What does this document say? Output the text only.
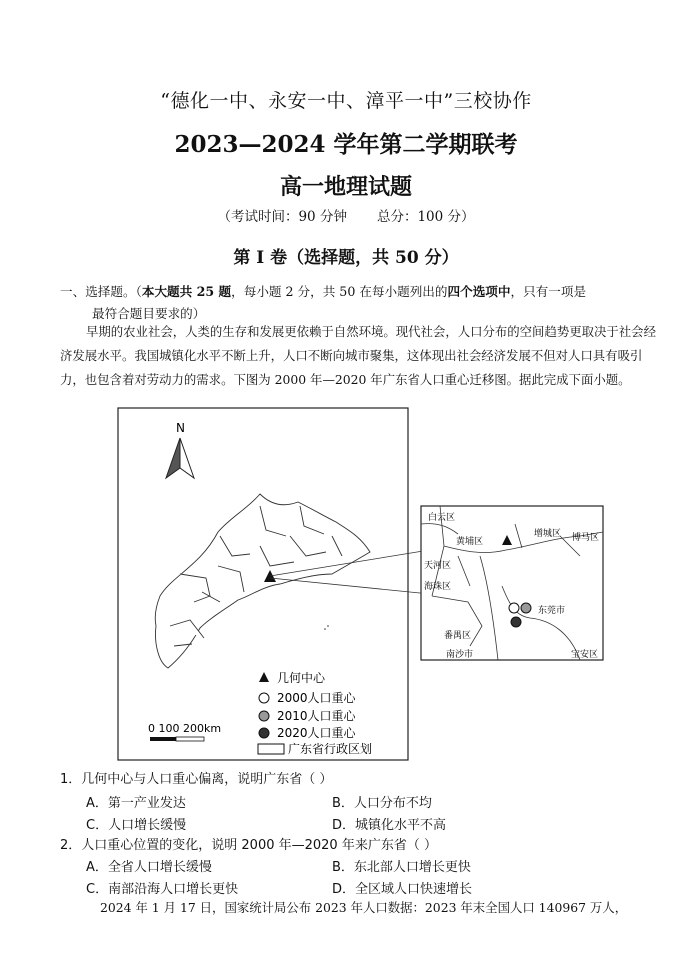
“德化一中、永安一中、漳平一中”三校协作
2023—2024 学年第二学期联考
高一地理试题
（考试时间：90 分钟 总分：100 分）
第 I 卷（选择题，共 50 分）
一、选择题。（本大题共 25 题，每小题 2 分，共 50 在每小题列出的四个选项中，只有一项是
最符合题目要求的）
早期的农业社会，人类的生存和发展更依赖于自然环境。现代社会，人口分布的空间趋势更取决于社会经济发展水平。我国城镇化水平不断上升，人口不断向城市聚集，这体现出社会经济发展不但对人口具有吸引力，也包含着对劳动力的需求。下图为 2000 年—2020 年广东省人口重心迁移图。据此完成下面小题。
N
0 100 200km
几何中心
2000人口重心
2010人口重心
2020人口重心
广东省行政区划
白云区
黄埔区
增城区 博马区
天河区
海珠区
东莞市
番禺区
南沙市	宝安区
1．几何中心与人口重心偏离，说明广东省（ ）
A．第一产业发达	B．人口分布不均
C．人口增长缓慢	D．城镇化水平不高
2．人口重心位置的变化，说明 2000 年—2020 年来广东省（ ）
A．全省人口增长缓慢	B．东北部人口增长更快
C．南部沿海人口增长更快	D．全区域人口快速增长
2024 年 1 月 17 日，国家统计局公布 2023 年人口数据：2023 年末全国人口 140967 万人，
